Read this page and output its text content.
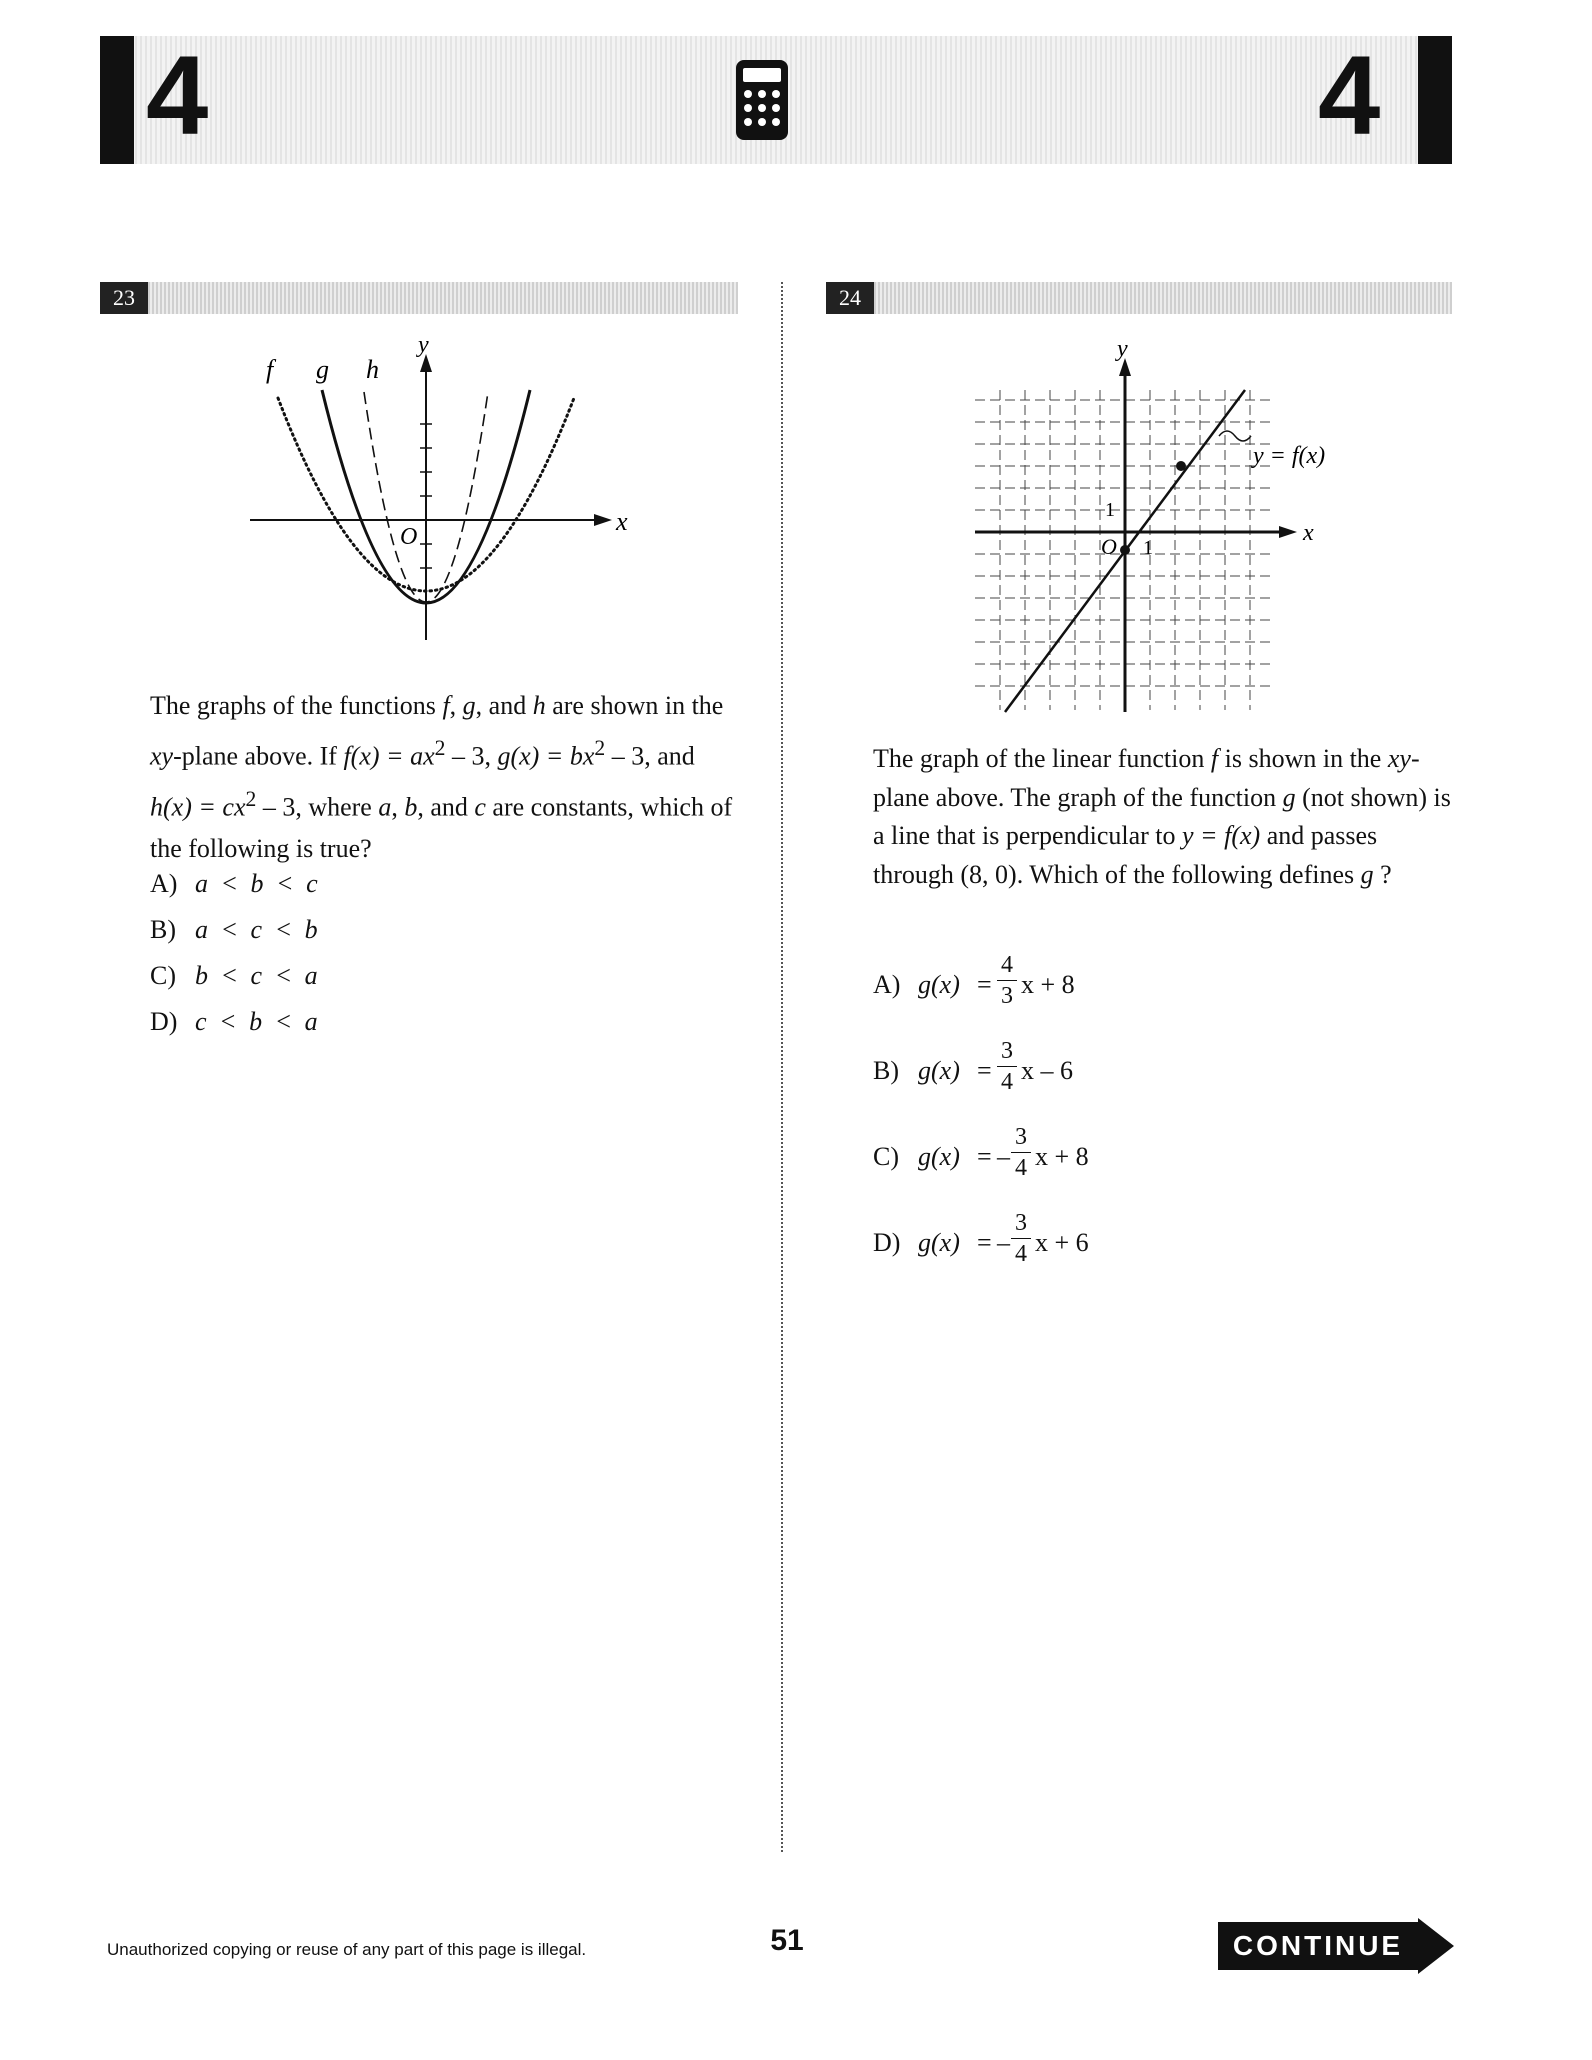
4	4
23
f g h
y
x
O
The graphs of the functions f, g, and h are shown in the xy-plane above. If $f(x) = ax^2 - 3$, $g(x) = bx^2 - 3$, and $h(x) = cx^2 - 3$, where a, b, and c are constants, which of the following is true?
A) a < b < c
B) a < c < b
C) b < c < a
D) c < b < a
24
y = f(x)
y
x
O 1
1
The graph of the linear function f is shown in the xy-plane above. The graph of the function g (not shown) is a line that is perpendicular to y = f(x) and passes through (8, 0). Which of the following defines g ?
A) $g(x) = \frac{4}{3}$ x + 8
B) $g(x) = \frac{3}{4}$ x – 6
C) g(x) = – $\frac{3}{4}$ x + 8
D) g(x) = – $\frac{3}{4}$ x + 6
Unauthorized copying or reuse of any part of this page is illegal.	51	CONTINUE
